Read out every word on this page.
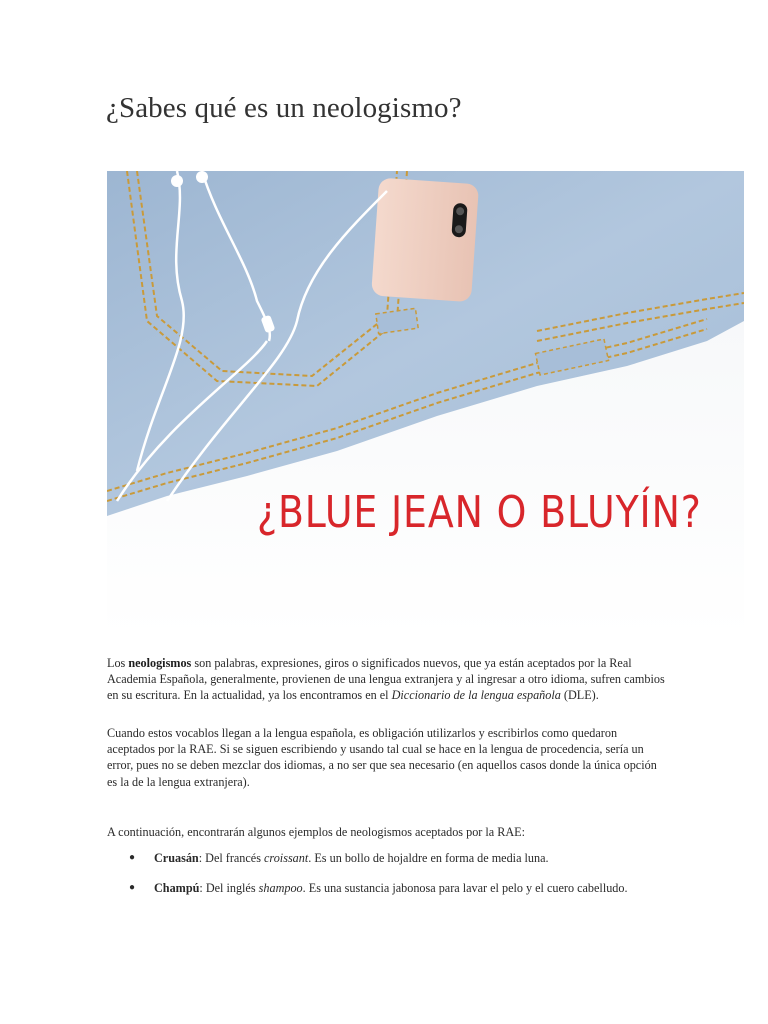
¿Sabes qué es un neologismo?
¿BLUE JEAN O BLUYÍN?

Los neologismos son palabras, expresiones, giros o significados nuevos, que ya están aceptados por la Real Academia Española, generalmente, provienen de una lengua extranjera y al ingresar a otro idioma, sufren cambios en su escritura. En la actualidad, ya los encontramos en el Diccionario de la lengua española (DLE).

Cuando estos vocablos llegan a la lengua española, es obligación utilizarlos y escribirlos como quedaron aceptados por la RAE. Si se siguen escribiendo y usando tal cual se hace en la lengua de procedencia, sería un error, pues no se deben mezclar dos idiomas, a no ser que sea necesario (en aquellos casos donde la única opción es la de la lengua extranjera).

A continuación, encontrarán algunos ejemplos de neologismos aceptados por la RAE:

● Cruasán: Del francés croissant. Es un bollo de hojaldre en forma de media luna.
● Champú: Del inglés shampoo. Es una sustancia jabonosa para lavar el pelo y el cuero cabelludo.
